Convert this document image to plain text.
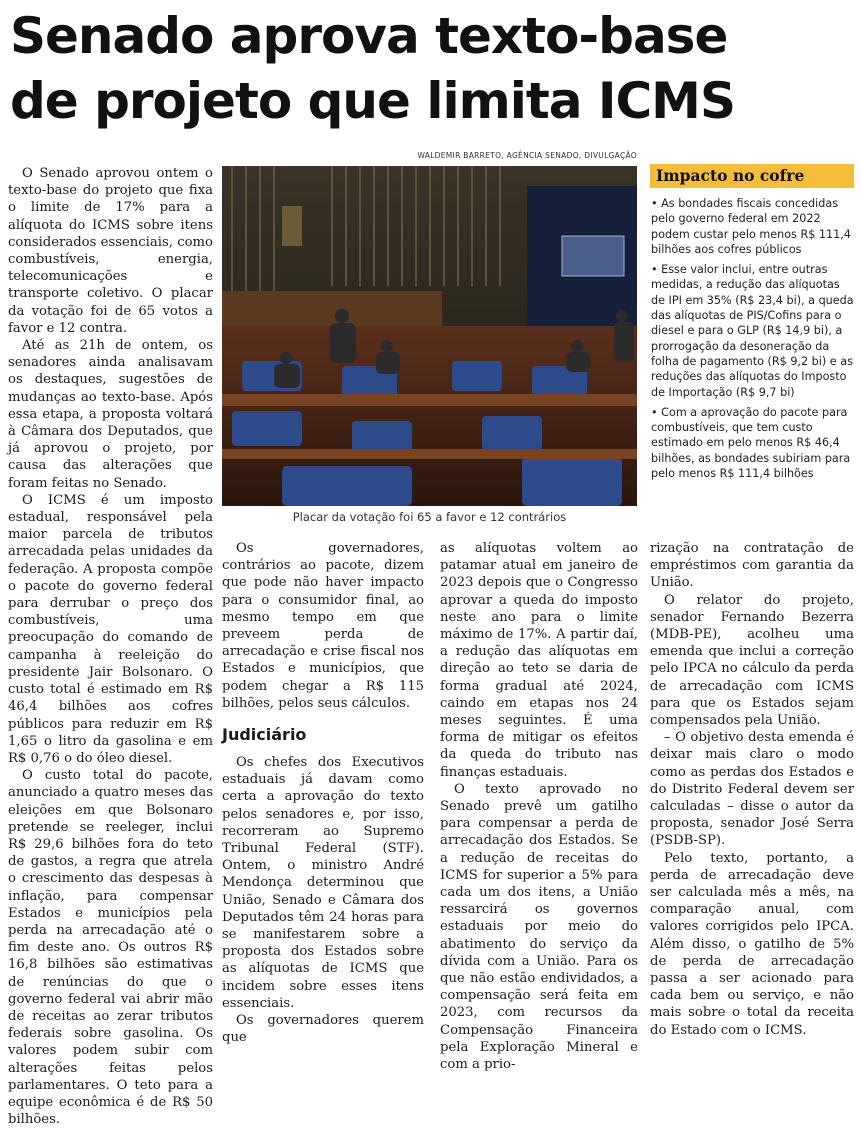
Senado aprova texto-base
de projeto que limita ICMS

O Senado aprovou ontem o texto-base do projeto que fixa o limite de 17% para a alíquota do ICMS sobre itens considerados essenciais, como combustíveis, energia, telecomunicações e transporte coletivo. O placar da votação foi de 65 votos a favor e 12 contra.

Até as 21h de ontem, os senadores ainda analisavam os destaques, sugestões de mudanças ao texto-base. Após essa etapa, a proposta voltará à Câmara dos Deputados, que já aprovou o projeto, por causa das alterações que foram feitas no Senado.

O ICMS é um imposto estadual, responsável pela maior parcela de tributos arrecadada pelas unidades da federação. A proposta compõe o pacote do governo federal para derrubar o preço dos combustíveis, uma preocupação do comando de campanha à reeleição do presidente Jair Bolsonaro. O custo total é estimado em R$ 46,4 bilhões aos cofres públicos para reduzir em R$ 1,65 o litro da gasolina e em R$ 0,76 o do óleo diesel.

O custo total do pacote, anunciado a quatro meses das eleições em que Bolsonaro pretende se reeleger, inclui R$ 29,6 bilhões fora do teto de gastos, a regra que atrela o crescimento das despesas à inflação, para compensar Estados e municípios pela perda na arrecadação até o fim deste ano. Os outros R$ 16,8 bilhões são estimativas de renúncias do que o governo federal vai abrir mão de receitas ao zerar tributos federais sobre gasolina. Os valores podem subir com alterações feitas pelos parlamentares. O teto para a equipe econômica é de R$ 50 bilhões.

WALDEMIR BARRETO, AGÊNCIA SENADO, DIVULGAÇÃO
Placar da votação foi 65 a favor e 12 contrários
Impacto no cofre

• As bondades fiscais concedidas pelo governo federal em 2022 podem custar pelo menos R$ 111,4 bilhões aos cofres públicos

• Esse valor inclui, entre outras medidas, a redução das alíquotas de IPI em 35% (R$ 23,4 bi), a queda das alíquotas de PIS/Cofins para o diesel e para o GLP (R$ 14,9 bi), a prorrogação da desoneração da folha de pagamento (R$ 9,2 bi) e as reduções das alíquotas do Imposto de Importação (R$ 9,7 bi)

• Com a aprovação do pacote para combustíveis, que tem custo estimado em pelo menos R$ 46,4 bilhões, as bondades subiriam para pelo menos R$ 111,4 bilhões

Os governadores, contrários ao pacote, dizem que pode não haver impacto para o consumidor final, ao mesmo tempo em que preveem perda de arrecadação e crise fiscal nos Estados e municípios, que podem chegar a R$ 115 bilhões, pelos seus cálculos.

Judiciário

Os chefes dos Executivos estaduais já davam como certa a aprovação do texto pelos senadores e, por isso, recorreram ao Supremo Tribunal Federal (STF). Ontem, o ministro André Mendonça determinou que União, Senado e Câmara dos Deputados têm 24 horas para se manifestarem sobre a proposta dos Estados sobre as alíquotas de ICMS que incidem sobre esses itens essenciais.

Os governadores querem que

as alíquotas voltem ao patamar atual em janeiro de 2023 depois que o Congresso aprovar a queda do imposto neste ano para o limite máximo de 17%. A partir daí, a redução das alíquotas em direção ao teto se daria de forma gradual até 2024, caindo em etapas nos 24 meses seguintes. É uma forma de mitigar os efeitos da queda do tributo nas finanças estaduais.

O texto aprovado no Senado prevê um gatilho para compensar a perda de arrecadação dos Estados. Se a redução de receitas do ICMS for superior a 5% para cada um dos itens, a União ressarcirá os governos estaduais por meio do abatimento do serviço da dívida com a União. Para os que não estão endividados, a compensação será feita em 2023, com recursos da Compensação Financeira pela Exploração Mineral e com a prio-

rização na contratação de empréstimos com garantia da União.

O relator do projeto, senador Fernando Bezerra (MDB-PE), acolheu uma emenda que inclui a correção pelo IPCA no cálculo da perda de arrecadação com ICMS para que os Estados sejam compensados pela União.

– O objetivo desta emenda é deixar mais claro o modo como as perdas dos Estados e do Distrito Federal devem ser calculadas – disse o autor da proposta, senador José Serra (PSDB-SP).

Pelo texto, portanto, a perda de arrecadação deve ser calculada mês a mês, na comparação anual, com valores corrigidos pelo IPCA. Além disso, o gatilho de 5% de perda de arrecadação passa a ser acionado para cada bem ou serviço, e não mais sobre o total da receita do Estado com o ICMS.
